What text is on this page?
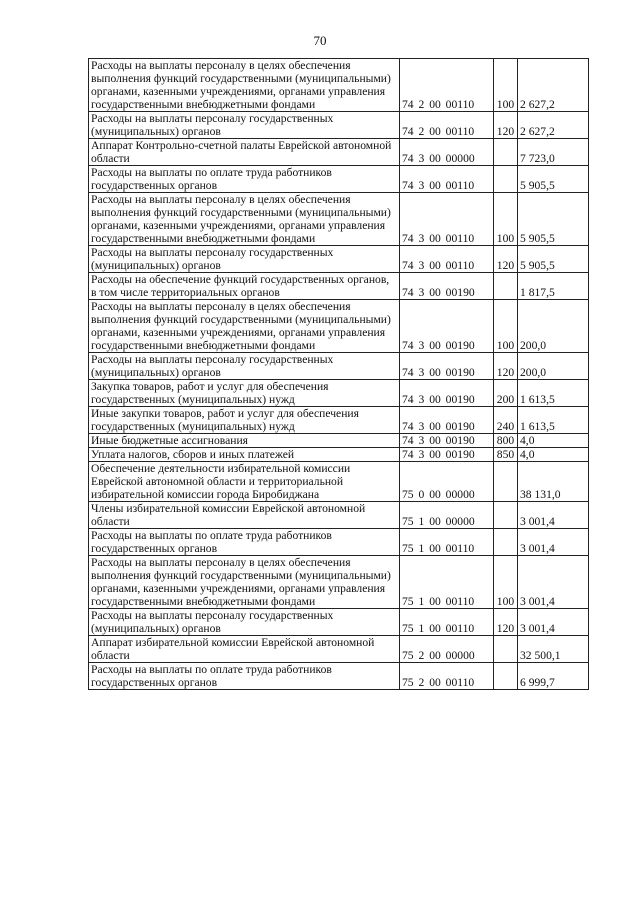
70
Расходы на выплаты персоналу в целях обеспечения выполнения функций государственными (муниципальными) органами, казенными учреждениями, органами управления государственными внебюджетными фондами	74 2 00 00110	100	2 627,2
Расходы на выплаты персоналу государственных (муниципальных) органов	74 2 00 00110	120	2 627,2
Аппарат Контрольно-счетной палаты Еврейской автономной области	74 3 00 00000		7 723,0
Расходы на выплаты по оплате труда работников государственных органов	74 3 00 00110		5 905,5
Расходы на выплаты персоналу в целях обеспечения выполнения функций государственными (муниципальными) органами, казенными учреждениями, органами управления государственными внебюджетными фондами	74 3 00 00110	100	5 905,5
Расходы на выплаты персоналу государственных (муниципальных) органов	74 3 00 00110	120	5 905,5
Расходы на обеспечение функций государственных органов, в том числе территориальных органов	74 3 00 00190		1 817,5
Расходы на выплаты персоналу в целях обеспечения выполнения функций государственными (муниципальными) органами, казенными учреждениями, органами управления государственными внебюджетными фондами	74 3 00 00190	100	200,0
Расходы на выплаты персоналу государственных (муниципальных) органов	74 3 00 00190	120	200,0
Закупка товаров, работ и услуг для обеспечения государственных (муниципальных) нужд	74 3 00 00190	200	1 613,5
Иные закупки товаров, работ и услуг для обеспечения государственных (муниципальных) нужд	74 3 00 00190	240	1 613,5
Иные бюджетные ассигнования	74 3 00 00190	800	4,0
Уплата налогов, сборов и иных платежей	74 3 00 00190	850	4,0
Обеспечение деятельности избирательной комиссии Еврейской автономной области и территориальной избирательной комиссии города Биробиджана	75 0 00 00000		38 131,0
Члены избирательной комиссии Еврейской автономной области	75 1 00 00000		3 001,4
Расходы на выплаты по оплате труда работников государственных органов	75 1 00 00110		3 001,4
Расходы на выплаты персоналу в целях обеспечения выполнения функций государственными (муниципальными) органами, казенными учреждениями, органами управления государственными внебюджетными фондами	75 1 00 00110	100	3 001,4
Расходы на выплаты персоналу государственных (муниципальных) органов	75 1 00 00110	120	3 001,4
Аппарат избирательной комиссии Еврейской автономной области	75 2 00 00000		32 500,1
Расходы на выплаты по оплате труда работников государственных органов	75 2 00 00110		6 999,7
